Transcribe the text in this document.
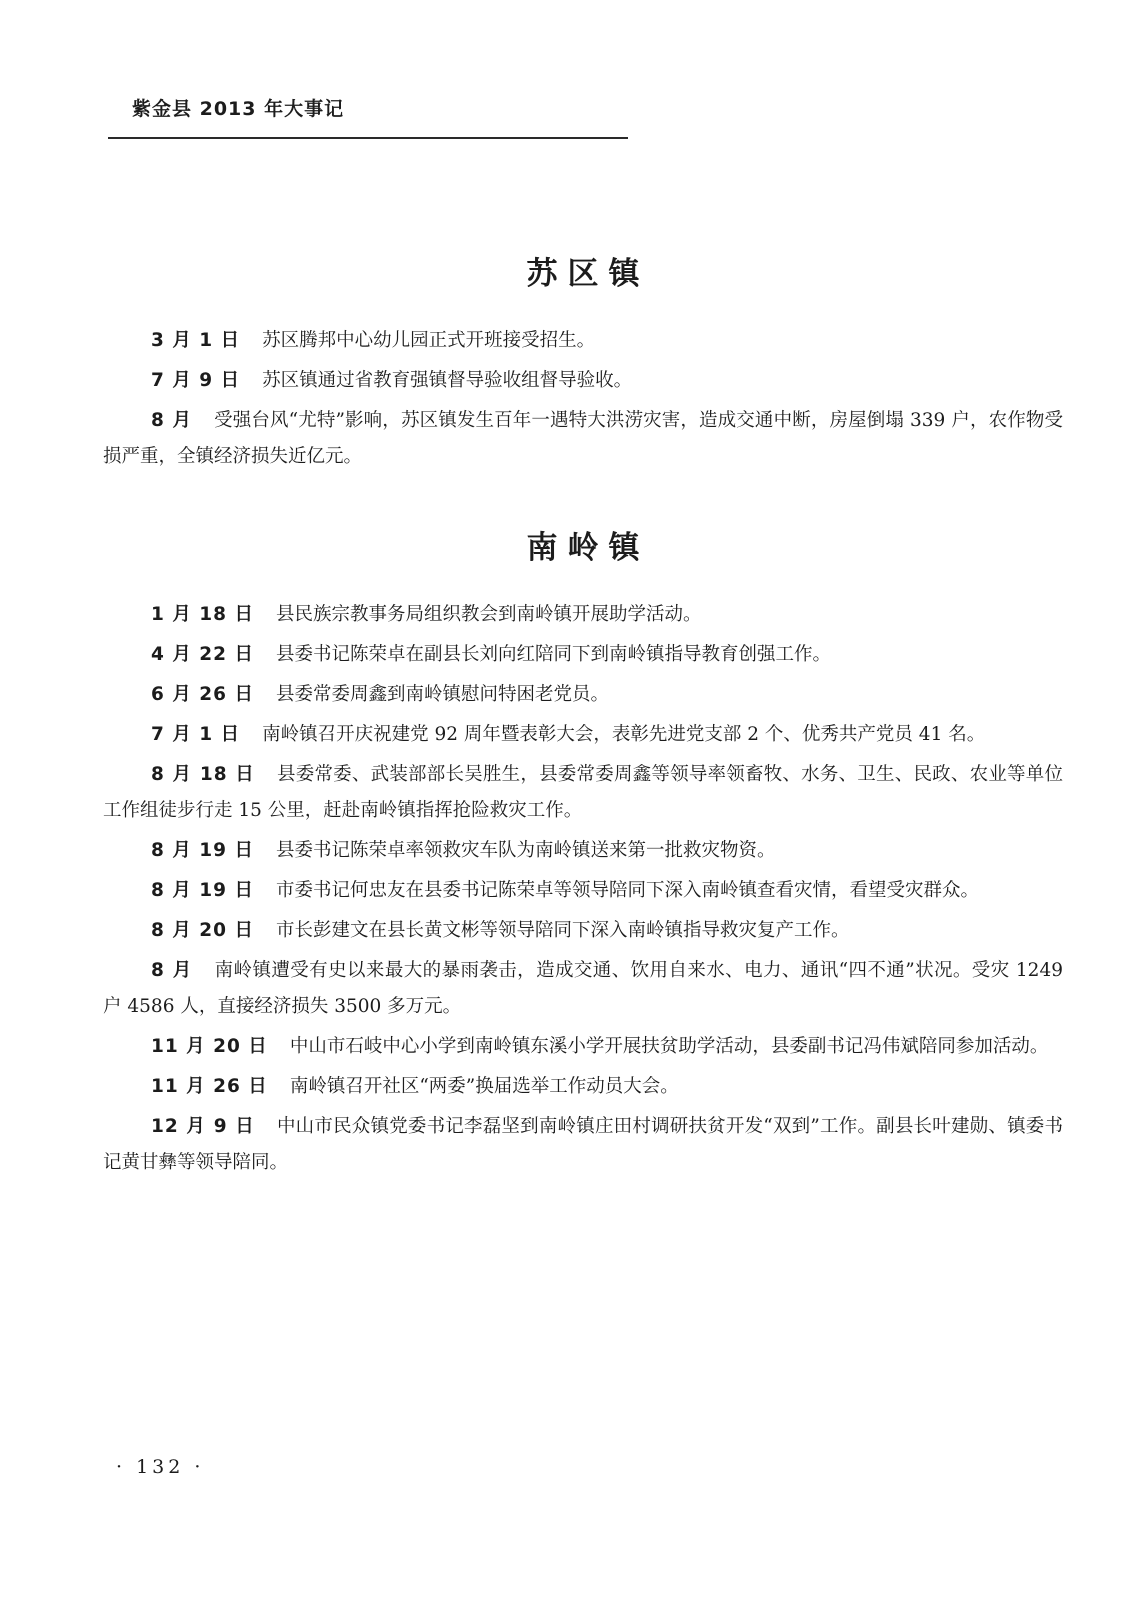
紫金县 2013 年大事记
苏区镇

3 月 1 日 苏区腾邦中心幼儿园正式开班接受招生。

7 月 9 日 苏区镇通过省教育强镇督导验收组督导验收。

8 月 受强台风“尤特”影响，苏区镇发生百年一遇特大洪涝灾害，造成交通中断，房屋倒塌 339 户，农作物受损严重，全镇经济损失近亿元。

南岭镇

1 月 18 日 县民族宗教事务局组织教会到南岭镇开展助学活动。

4 月 22 日 县委书记陈荣卓在副县长刘向红陪同下到南岭镇指导教育创强工作。

6 月 26 日 县委常委周鑫到南岭镇慰问特困老党员。

7 月 1 日 南岭镇召开庆祝建党 92 周年暨表彰大会，表彰先进党支部 2 个、优秀共产党员 41 名。

8 月 18 日 县委常委、武装部部长吴胜生，县委常委周鑫等领导率领畜牧、水务、卫生、民政、农业等单位工作组徒步行走 15 公里，赶赴南岭镇指挥抢险救灾工作。

8 月 19 日 县委书记陈荣卓率领救灾车队为南岭镇送来第一批救灾物资。

8 月 19 日 市委书记何忠友在县委书记陈荣卓等领导陪同下深入南岭镇查看灾情，看望受灾群众。

8 月 20 日 市长彭建文在县长黄文彬等领导陪同下深入南岭镇指导救灾复产工作。

8 月 南岭镇遭受有史以来最大的暴雨袭击，造成交通、饮用自来水、电力、通讯“四不通”状况。受灾 1249 户 4586 人，直接经济损失 3500 多万元。

11 月 20 日 中山市石岐中心小学到南岭镇东溪小学开展扶贫助学活动，县委副书记冯伟斌陪同参加活动。

11 月 26 日 南岭镇召开社区“两委”换届选举工作动员大会。

12 月 9 日 中山市民众镇党委书记李磊坚到南岭镇庄田村调研扶贫开发“双到”工作。副县长叶建勋、镇委书记黄甘彝等领导陪同。

· 132 ·
